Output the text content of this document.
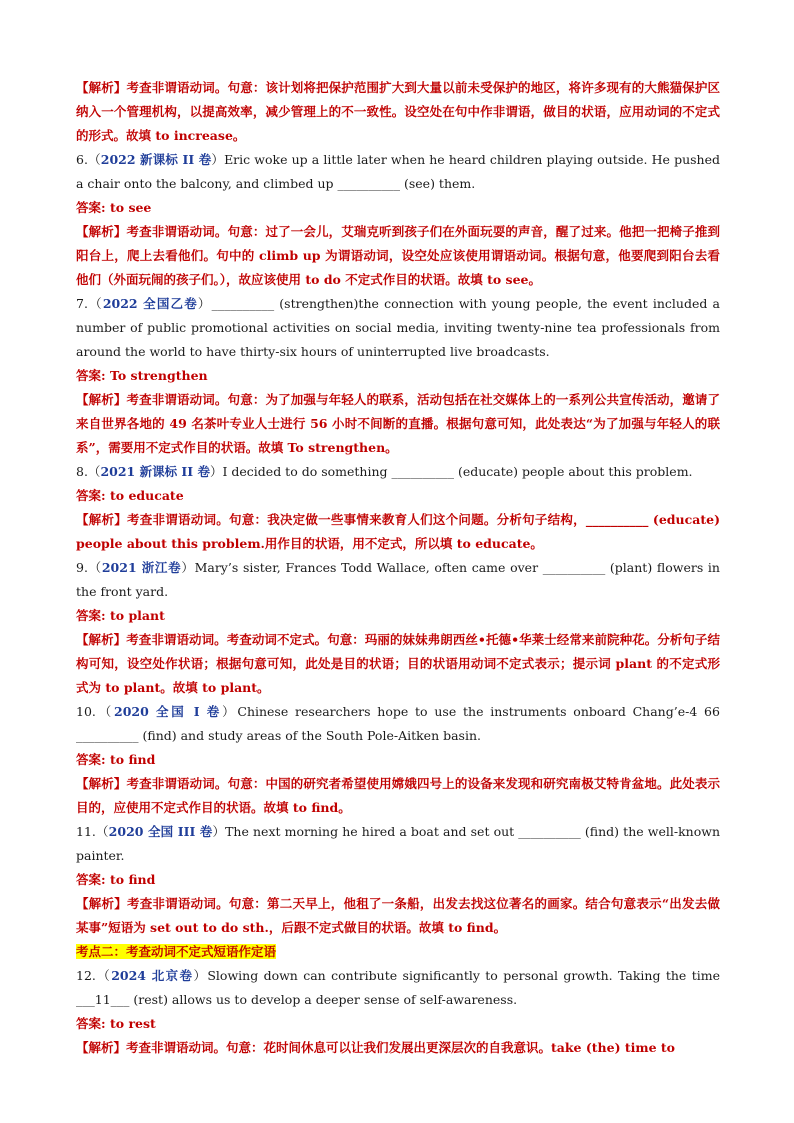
【解析】考查非谓语动词。句意：该计划将把保护范围扩大到大量以前未受保护的地区，将许多现有的大熊猫保护区纳入一个管理机构，以提高效率，减少管理上的不一致性。设空处在句中作非谓语，做目的状语，应用动词的不定式的形式。故填 to increase。

6.（2022 新课标 II 卷）Eric woke up a little later when he heard children playing outside. He pushed a chair onto the balcony, and climbed up __________ (see) them.

答案: to see

【解析】考查非谓语动词。句意：过了一会儿，艾瑞克听到孩子们在外面玩耍的声音，醒了过来。他把一把椅子推到阳台上，爬上去看他们。句中的 climb up 为谓语动词，设空处应该使用谓语动词。根据句意，他要爬到阳台去看他们（外面玩闹的孩子们。），故应该使用 to do 不定式作目的状语。故填 to see。

7.（2022 全国乙卷）__________ (strengthen)the connection with young people, the event included a number of public promotional activities on social media, inviting twenty-nine tea professionals from around the world to have thirty-six hours of uninterrupted live broadcasts.

答案: To strengthen

【解析】考查非谓语动词。句意：为了加强与年轻人的联系，活动包括在社交媒体上的一系列公共宣传活动，邀请了来自世界各地的 49 名茶叶专业人士进行 56 小时不间断的直播。根据句意可知，此处表达“为了加强与年轻人的联系”，需要用不定式作目的状语。故填 To strengthen。

8.（2021 新课标 II 卷）I decided to do something __________ (educate) people about this problem.

答案: to educate

【解析】考查非谓语动词。句意：我决定做一些事情来教育人们这个问题。分析句子结构，__________ (educate) people about this problem.用作目的状语，用不定式，所以填 to educate。

9.（2021 浙江卷）Mary’s sister, Frances Todd Wallace, often came over __________ (plant) flowers in the front yard.

答案: to plant

【解析】考查非谓语动词。考查动词不定式。句意：玛丽的妹妹弗朗西丝•托德•华莱士经常来前院种花。分析句子结构可知，设空处作状语；根据句意可知，此处是目的状语；目的状语用动词不定式表示；提示词 plant 的不定式形式为 to plant。故填 to plant。

10.（2020 全国 I 卷）Chinese researchers hope to use the instruments onboard Chang’e-4 66 __________ (find) and study areas of the South Pole-Aitken basin.

答案: to find

【解析】考查非谓语动词。句意：中国的研究者希望使用嫦娥四号上的设备来发现和研究南极艾特肯盆地。此处表示目的，应使用不定式作目的状语。故填 to find。

11.（2020 全国 III 卷）The next morning he hired a boat and set out __________ (find) the well-known painter.

答案: to find

【解析】考查非谓语动词。句意：第二天早上，他租了一条船，出发去找这位著名的画家。结合句意表示“出发去做某事”短语为 set out to do sth.，后跟不定式做目的状语。故填 to find。

考点二：考查动词不定式短语作定语

12.（2024 北京卷）Slowing down can contribute significantly to personal growth. Taking the time ___11___ (rest) allows us to develop a deeper sense of self-awareness.

答案: to rest

【解析】考查非谓语动词。句意：花时间休息可以让我们发展出更深层次的自我意识。take (the) time to
